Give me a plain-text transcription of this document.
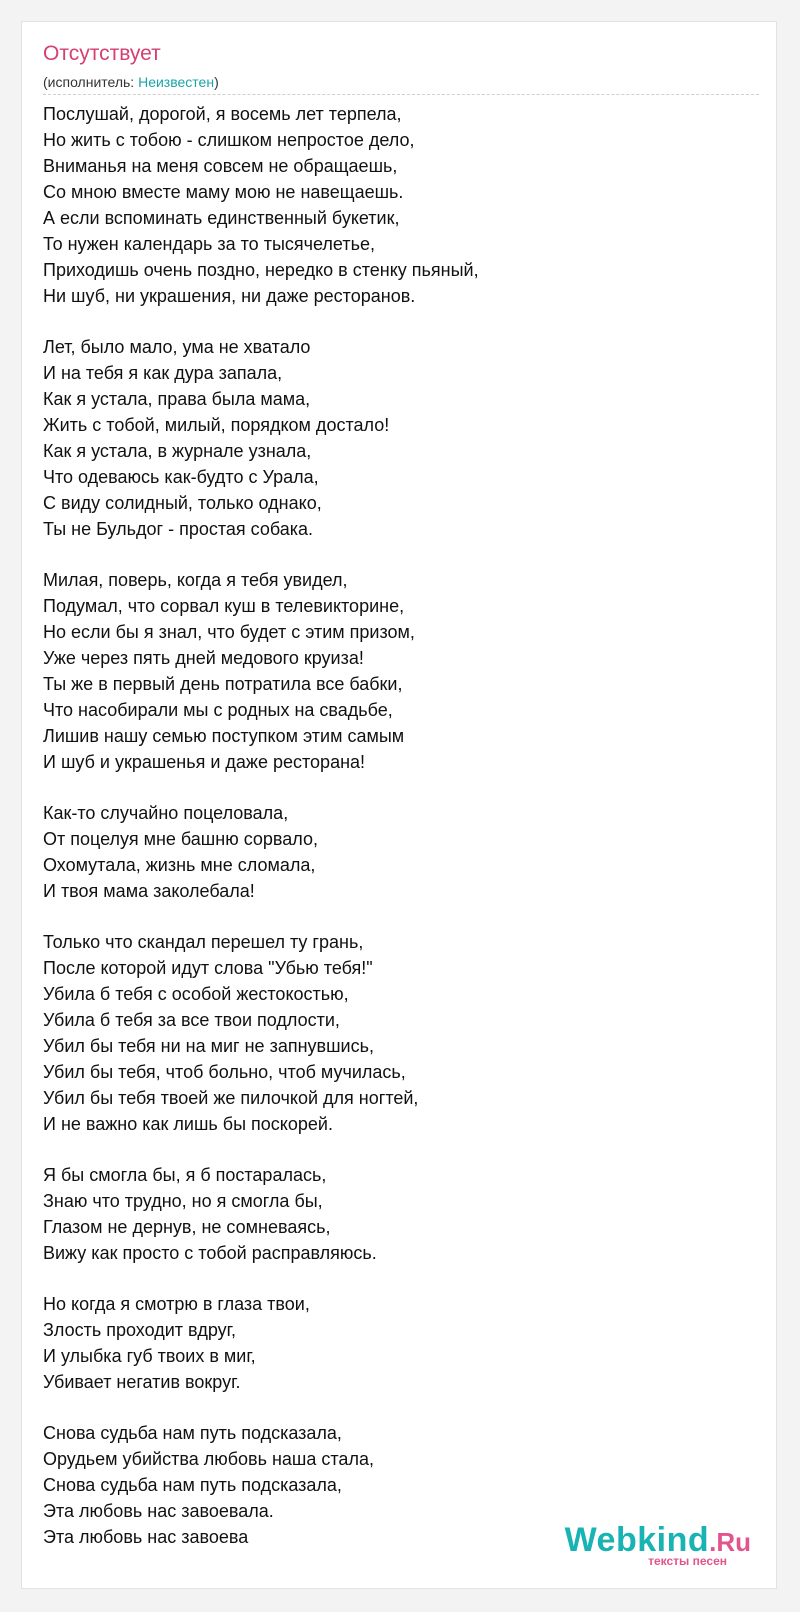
Отсутствует
(исполнитель: Неизвестен)
Послушай, дорогой, я восемь лет терпела,
Но жить с тобою - слишком непростое дело,
Вниманья на меня совсем не обращаешь,
Со мною вместе маму мою не навещаешь.
А если вспоминать единственный букетик,
То нужен календарь за то тысячелетье,
Приходишь очень поздно, нередко в стенку пьяный,
Ни шуб, ни украшения, ни даже ресторанов.
Лет, было мало, ума не хватало
И на тебя я как дура запала,
Как я устала, права была мама,
Жить с тобой, милый, порядком достало!
Как я устала, в журнале узнала,
Что одеваюсь как-будто с Урала,
С виду солидный, только однако,
Ты не Бульдог - простая собака.
Милая, поверь, когда я тебя увидел,
Подумал, что сорвал куш в телевикторине,
Но если бы я знал, что будет с этим призом,
Уже через пять дней медового круиза!
Ты же в первый день потратила все бабки,
Что насобирали мы с родных на свадьбе,
Лишив нашу семью поступком этим самым
И шуб и украшенья и даже ресторана!
Как-то случайно поцеловала,
От поцелуя мне башню сорвало,
Охомутала, жизнь мне сломала,
И твоя мама заколебала!
Только что скандал перешел ту грань,
После которой идут слова "Убью тебя!"
Убила б тебя с особой жестокостью,
Убила б тебя за все твои подлости,
Убил бы тебя ни на миг не запнувшись,
Убил бы тебя, чтоб больно, чтоб мучилась,
Убил бы тебя твоей же пилочкой для ногтей,
И не важно как лишь бы поскорей.
Я бы смогла бы, я б постаралась,
Знаю что трудно, но я смогла бы,
Глазом не дернув, не сомневаясь,
Вижу как просто с тобой расправляюсь.
Но когда я смотрю в глаза твои,
Злость проходит вдруг,
И улыбка губ твоих в миг,
Убивает негатив вокруг.
Снова судьба нам путь подсказала,
Орудьем убийства любовь наша стала,
Снова судьба нам путь подсказала,
Эта любовь нас завоевала.
Эта любовь нас завоева	Webkind.Ru
тексты песен
